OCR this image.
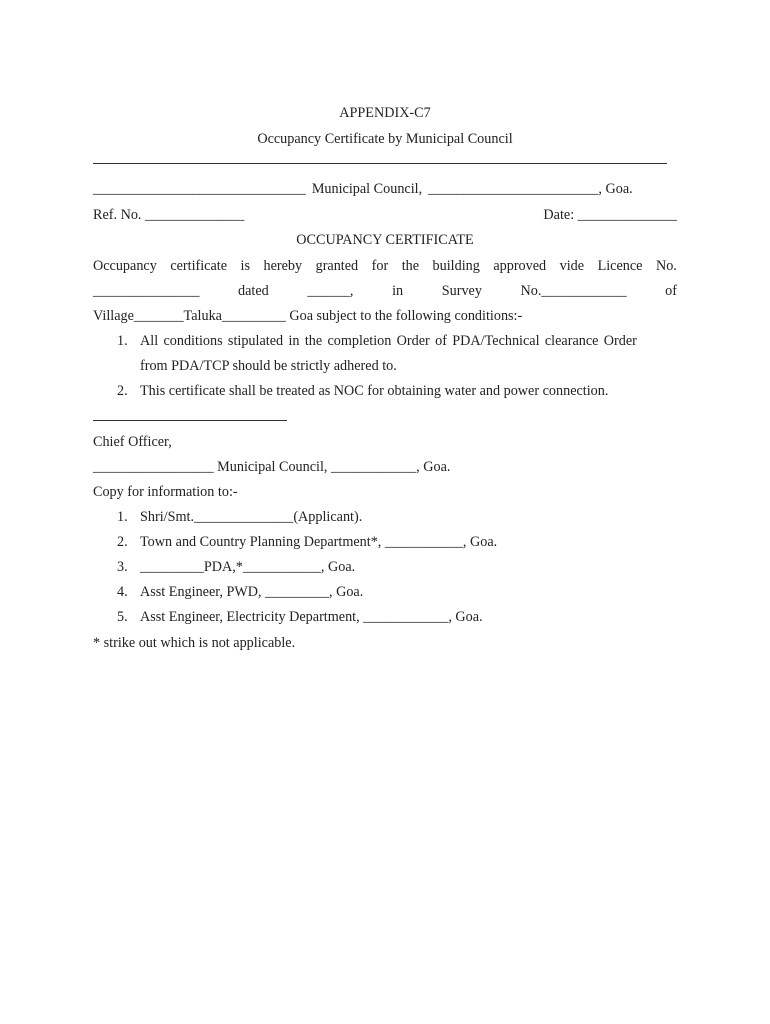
APPENDIX-C7
Occupancy Certificate by Municipal Council
______________________________ Municipal Council, ________________________ , Goa.
Ref. No. ______________	Date: ______________
OCCUPANCY CERTIFICATE
Occupancy certificate is hereby granted for the building approved vide Licence No.
_______________	dated	______,	in	Survey	No.____________	of
Village_______Taluka_________ Goa subject to the following conditions:-
1. All conditions stipulated in the completion Order of PDA/Technical clearance Order
from PDA/TCP should be strictly adhered to.
2. This certificate shall be treated as NOC for obtaining water and power connection.
Chief Officer,
_________________ Municipal Council, ____________, Goa.
Copy for information to:-
1. Shri/Smt.______________(Applicant).
2. Town and Country Planning Department*, ___________, Goa.
3. _________PDA,*___________, Goa.
4. Asst Engineer, PWD, _________, Goa.
5. Asst Engineer, Electricity Department, ____________, Goa.
* strike out which is not applicable.
